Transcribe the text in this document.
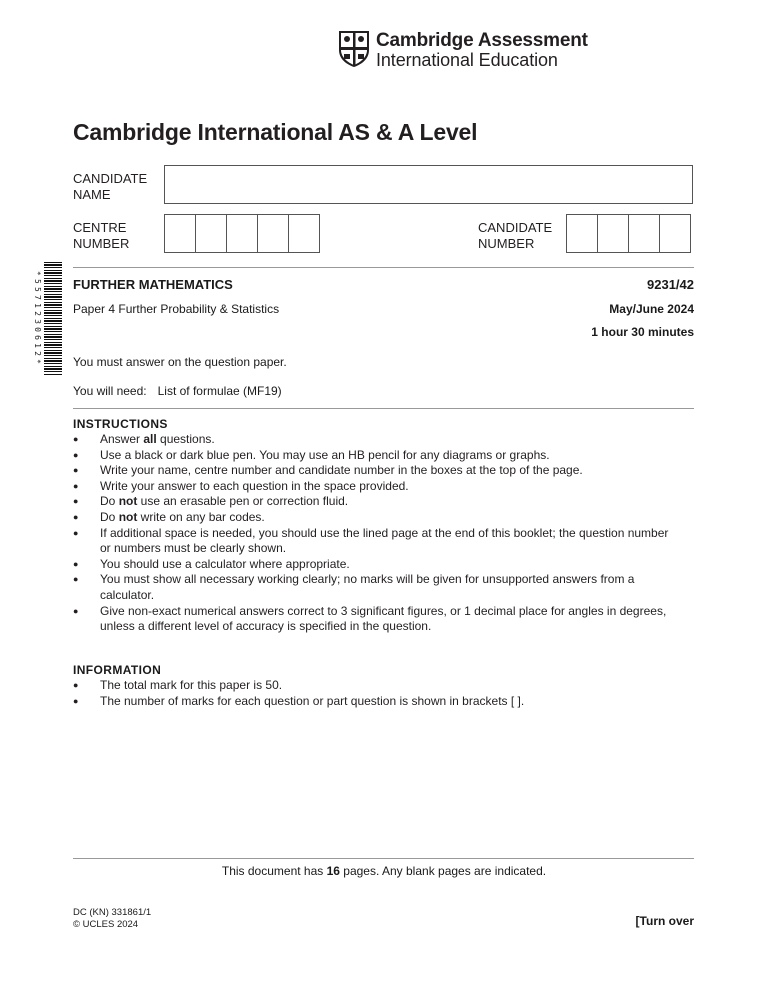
Cambridge Assessment
International Education
Cambridge International AS & A Level
CANDIDATE NAME
CENTRE NUMBER
CANDIDATE NUMBER
*5571230612* FURTHER MATHEMATICS	9231/42
Paper 4 Further Probability & Statistics	May/June 2024
1 hour 30 minutes
You must answer on the question paper.
You will need: List of formulae (MF19)
INSTRUCTIONS
● Answer all questions.
● Use a black or dark blue pen. You may use an HB pencil for any diagrams or graphs.
● Write your name, centre number and candidate number in the boxes at the top of the page.
● Write your answer to each question in the space provided.
● Do not use an erasable pen or correction fluid.
● Do not write on any bar codes.
● If additional space is needed, you should use the lined page at the end of this booklet; the question number or numbers must be clearly shown.
● You should use a calculator where appropriate.
● You must show all necessary working clearly; no marks will be given for unsupported answers from a calculator.
● Give non-exact numerical answers correct to 3 significant figures, or 1 decimal place for angles in degrees, unless a different level of accuracy is specified in the question.
INFORMATION
● The total mark for this paper is 50.
● The number of marks for each question or part question is shown in brackets [ ].
This document has 16 pages. Any blank pages are indicated.
DC (KN) 331861/1
© UCLES 2024	[Turn over
